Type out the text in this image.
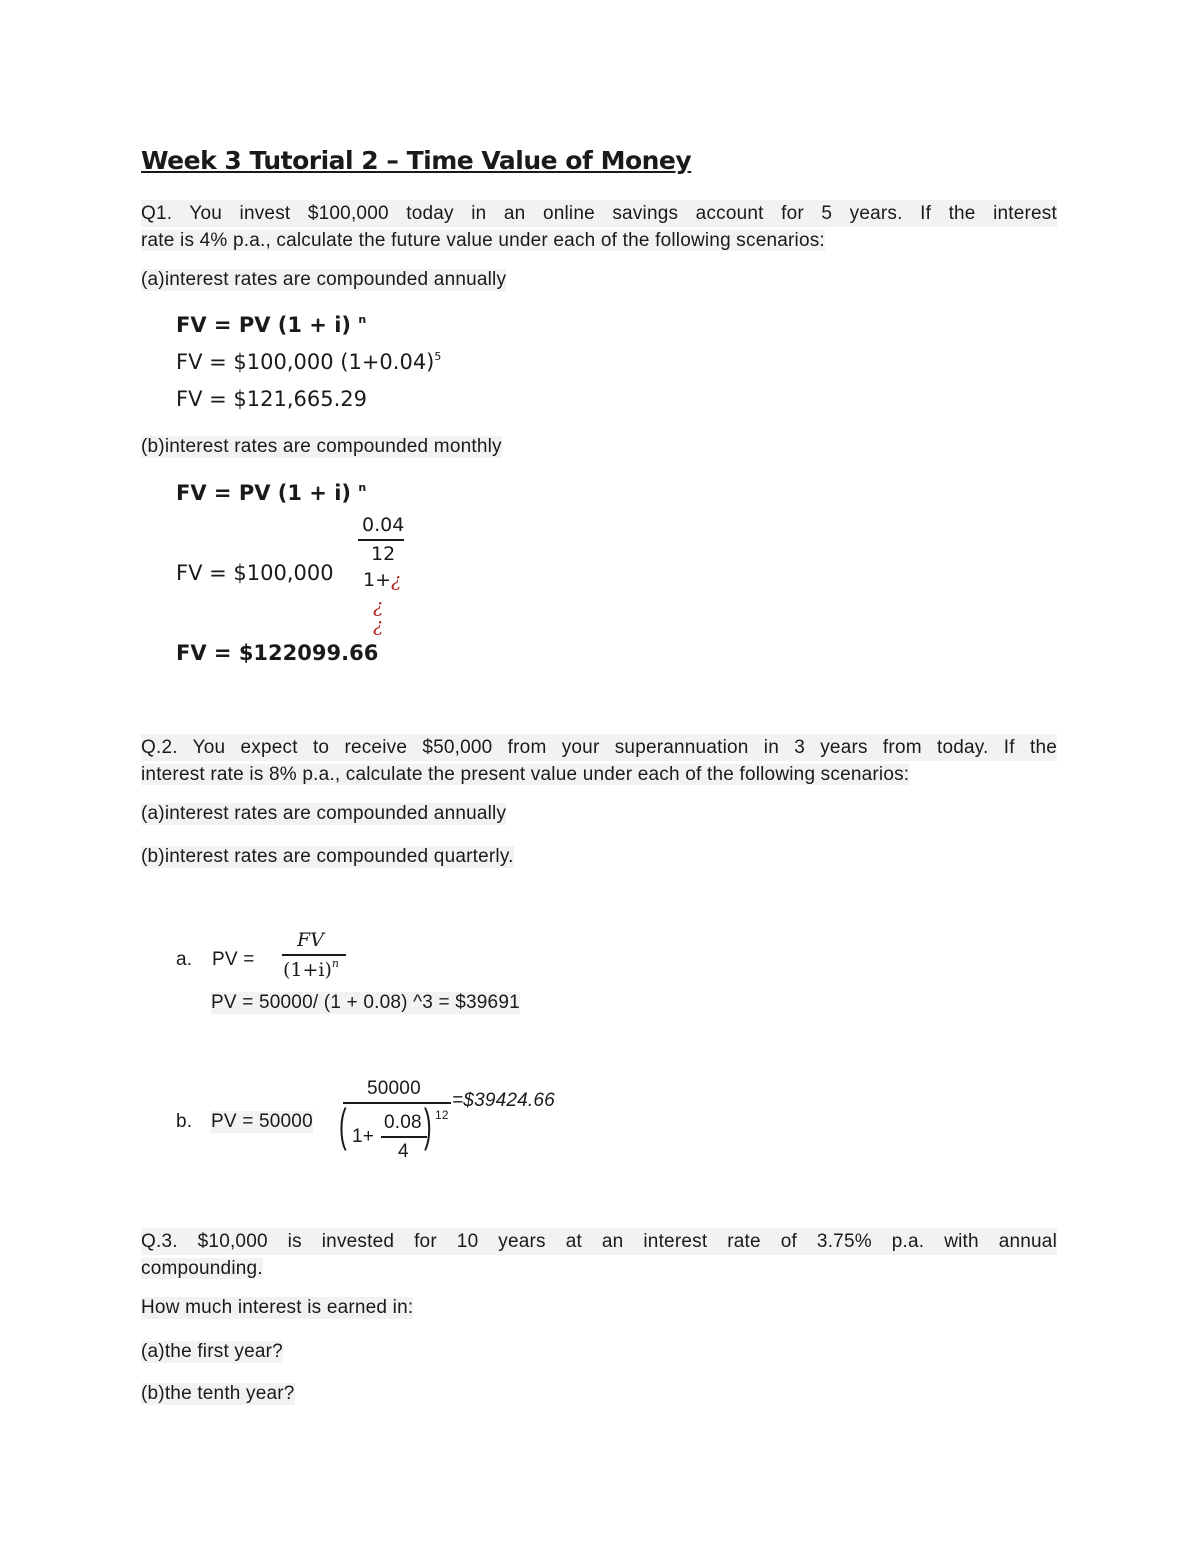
Week 3 Tutorial 2 – Time Value of Money
Q1. You invest $100,000 today in an online savings account for 5 years. If the interest
rate is 4% p.a., calculate the future value under each of the following scenarios:
(a)interest rates are compounded annually
FV = PV (1 + i) $^n$
FV = $100,000 $(1+0.04)^5$
FV = $121,665.29
(b)interest rates are compounded monthly
FV = PV (1 + i) $^n$
0.04
12
FV = $100,000 1+¿
¿
¿
FV = $122099.66
Q.2. You expect to receive $50,000 from your superannuation in 3 years from today. If the
interest rate is 8% p.a., calculate the present value under each of the following scenarios:
(a)interest rates are compounded annually
(b)interest rates are compounded quarterly.
a. PV =
FV
$(1+i)^n$
PV = 50000/ (1 + 0.08) ^3 = $39691
b. PV = 50000
50000
( 1+
0.08
4
) 12
=$39424.66
Q.3. $10,000 is invested for 10 years at an interest rate of 3.75% p.a. with annual
compounding.
How much interest is earned in:
(a)the first year?
(b)the tenth year?
